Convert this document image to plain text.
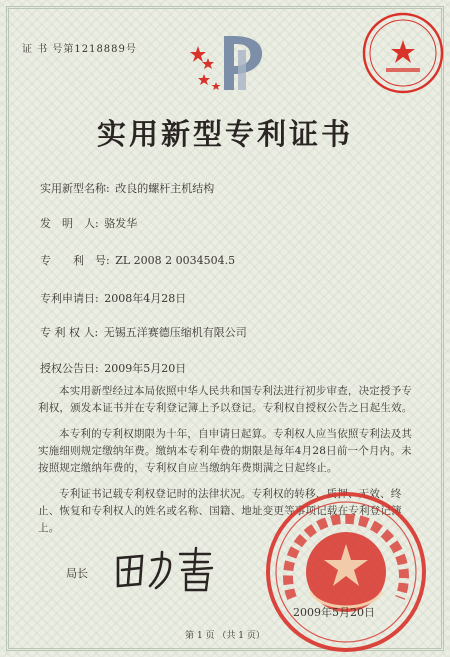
证 书 号第1218889号
实用新型专利证书
实用新型名称: 改良的螺杆主机结构
发　明　人: 骆发华
专　　利　号: ZL 2008 2 0034504.5
专利申请日: 2008年4月28日
专 利 权 人: 无锡五洋赛德压缩机有限公司
授权公告日: 2009年5月20日

本实用新型经过本局依照中华人民共和国专利法进行初步审查，决定授予专利权，颁发本证书并在专利登记簿上予以登记。专利权自授权公告之日起生效。

本专利的专利权期限为十年，自申请日起算。专利权人应当依照专利法及其实施细则规定缴纳年费。缴纳本专利年费的期限是每年4月28日前一个月内。未按照规定缴纳年费的，专利权自应当缴纳年费期满之日起终止。

专利证书记载专利权登记时的法律状况。专利权的转移、质押、无效、终止、恢复和专利权人的姓名或名称、国籍、地址变更等事项记载在专利登记簿上。

局长
2009年5月20日
第 1 页 （共 1 页）
